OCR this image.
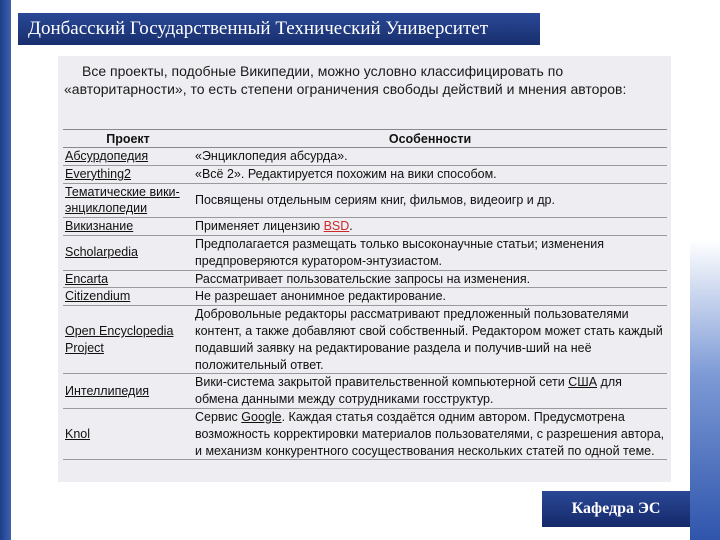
Донбасский Государственный Технический Университет

Все проекты, подобные Википедии, можно условно классифицировать по «авторитарности», то есть степени ограничения свободы действий и мнения авторов:

Проект	Особенности
Абсурдопедия	«Энциклопедия абсурда».
Everything2	«Всё 2». Редактируется похожим на вики способом.
Тематические вики-энциклопедии	Посвящены отдельным сериям книг, фильмов, видеоигр и др.
Викизнание	Применяет лицензию BSD.
Scholarpedia	Предполагается размещать только высоконаучные статьи; изменения предпроверяются куратором-энтузиастом.
Encarta	Рассматривает пользовательские запросы на изменения.
Citizendium	Не разрешает анонимное редактирование.
Open Encyclopedia Project	Добровольные редакторы рассматривают предложенный пользователями контент, а также добавляют свой собственный. Редактором может стать каждый подавший заявку на редактирование раздела и получив-ший на неё положительный ответ.
Интеллипедия	Вики-система закрытой правительственной компьютерной сети США для обмена данными между сотрудниками госструктур.
Knol	Сервис Google. Каждая статья создаётся одним автором. Предусмотрена возможность корректировки материалов пользователями, с разрешения автора, и механизм конкурентного сосуществования нескольких статей по одной теме.
Кафедра ЭС
